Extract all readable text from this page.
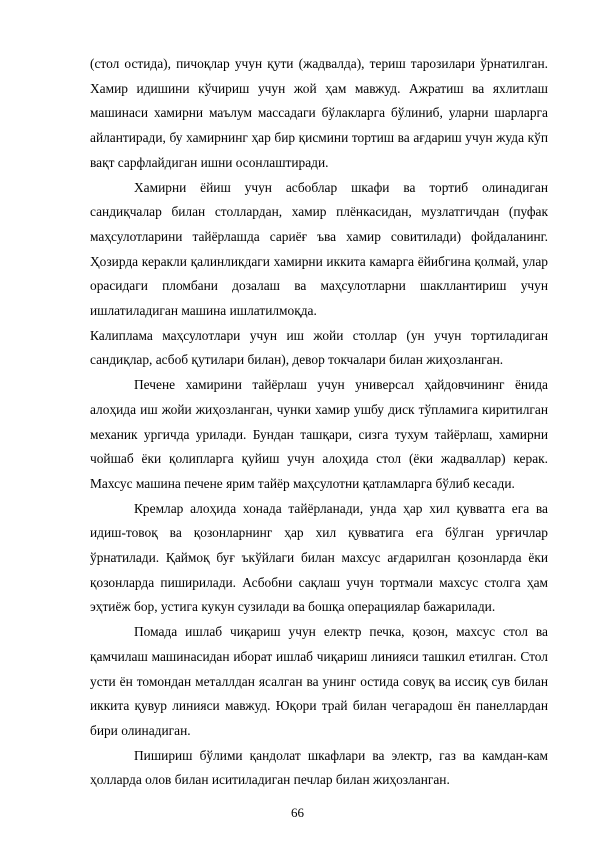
(стол остида), пичоқлар учун қути (жадвалда), териш тарозилари ўрнатилган. Хамир идишини кўчириш учун жой ҳам мавжуд. Ажратиш ва яхлитлаш машинаси хамирни маълум массадаги бўлакларга бўлиниб, уларни шарларга айлантиради, бу хамирнинг ҳар бир қисмини тортиш ва ағдариш учун жуда кўп вақт сарфлайдиган ишни осонлаштиради.

Хамирни ёйиш учун асбоблар шкафи ва тортиб олинадиган сандиқчалар билан столлардан, хамир плёнкасидан, музлатгичдан (пуфак маҳсулотларини тайёрлашда сариёғ ъва хамир совитилади) фойдаланинг. Ҳозирда керакли қалинликдаги хамирни иккита камарга ёйибгина қолмай, улар орасидаги пломбани дозалаш ва маҳсулотларни шакллантириш учун ишлатиладиган машина ишлатилмоқда.

Калиплама маҳсулотлари учун иш жойи столлар (ун учун тортиладиган сандиқлар, асбоб қутилари билан), девор токчалари билан жиҳозланган.

Печене хамирини тайёрлаш учун универсал ҳайдовчининг ёнида алоҳида иш жойи жиҳозланган, чунки хамир ушбу диск тўпламига киритилган механик ургичда урилади. Бундан ташқари, сизга тухум тайёрлаш, хамирни чойшаб ёки қолипларга қуйиш учун алоҳида стол (ёки жадваллар) керак. Махсус машина печене ярим тайёр маҳсулотни қатламларга бўлиб кесади.

Кремлар алоҳида хонада тайёрланади, унда ҳар хил қувватга ега ва идиш-товоқ ва қозонларнинг ҳар хил қувватига ега бўлган урғичлар ўрнатилади. Қаймоқ буғ ъкўйлаги билан махсус ағдарилган қозонларда ёки қозонларда пиширилади. Асбобни сақлаш учун тортмали махсус столга ҳам эҳтиёж бор, устига кукун сузилади ва бошқа операциялар бажарилади.

Помада ишлаб чиқариш учун електр печка, қозон, махсус стол ва қамчилаш машинасидан иборат ишлаб чиқариш линияси ташкил етилган. Стол усти ён томондан металлдан ясалган ва унинг остида совуқ ва иссиқ сув билан иккита қувур линияси мавжуд. Юқори трай билан чегарадош ён панеллардан бири олинадиган.

Пишириш бўлими қандолат шкафлари ва электр, газ ва камдан-кам ҳолларда олов билан иситиладиган печлар билан жиҳозланган.

66
